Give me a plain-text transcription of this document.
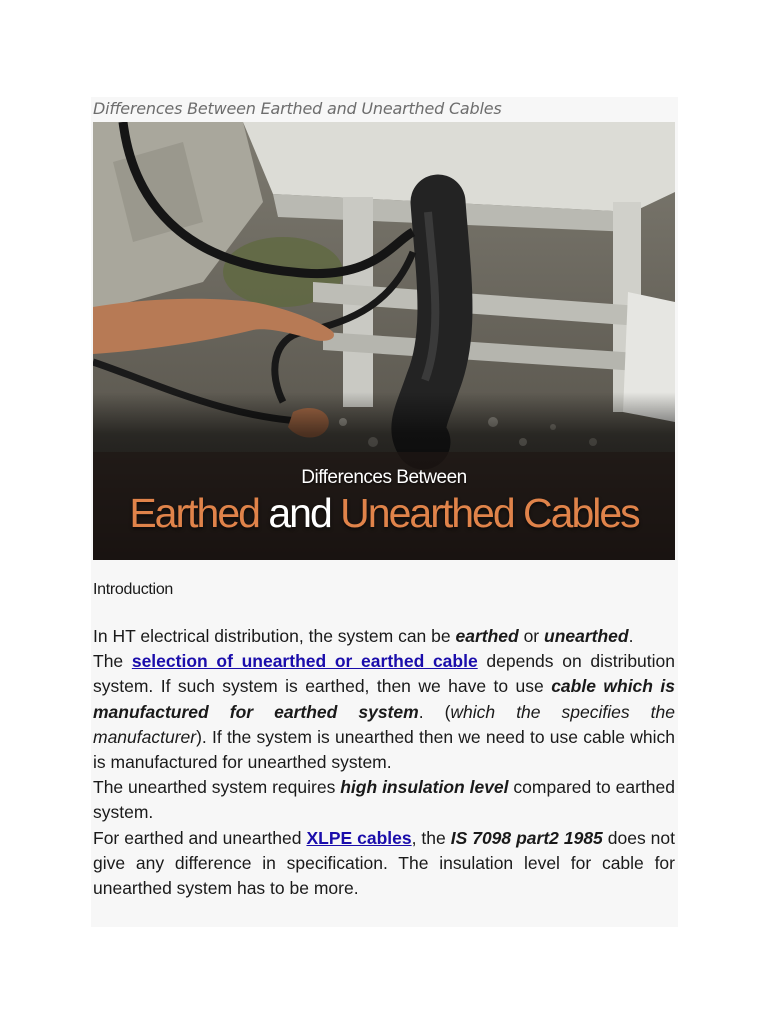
Differences Between Earthed and Unearthed Cables
Differences Between
Earthed and Unearthed Cables
Introduction

In HT electrical distribution, the system can be earthed or unearthed.

The selection of unearthed or earthed cable depends on distribution system. If such system is earthed, then we have to use cable which is manufactured for earthed system. (which the specifies the manufacturer). If the system is unearthed then we need to use cable which is manufactured for unearthed system.

The unearthed system requires high insulation level compared to earthed system.

For earthed and unearthed XLPE cables, the IS 7098 part2 1985 does not give any difference in specification. The insulation level for cable for unearthed system has to be more.
